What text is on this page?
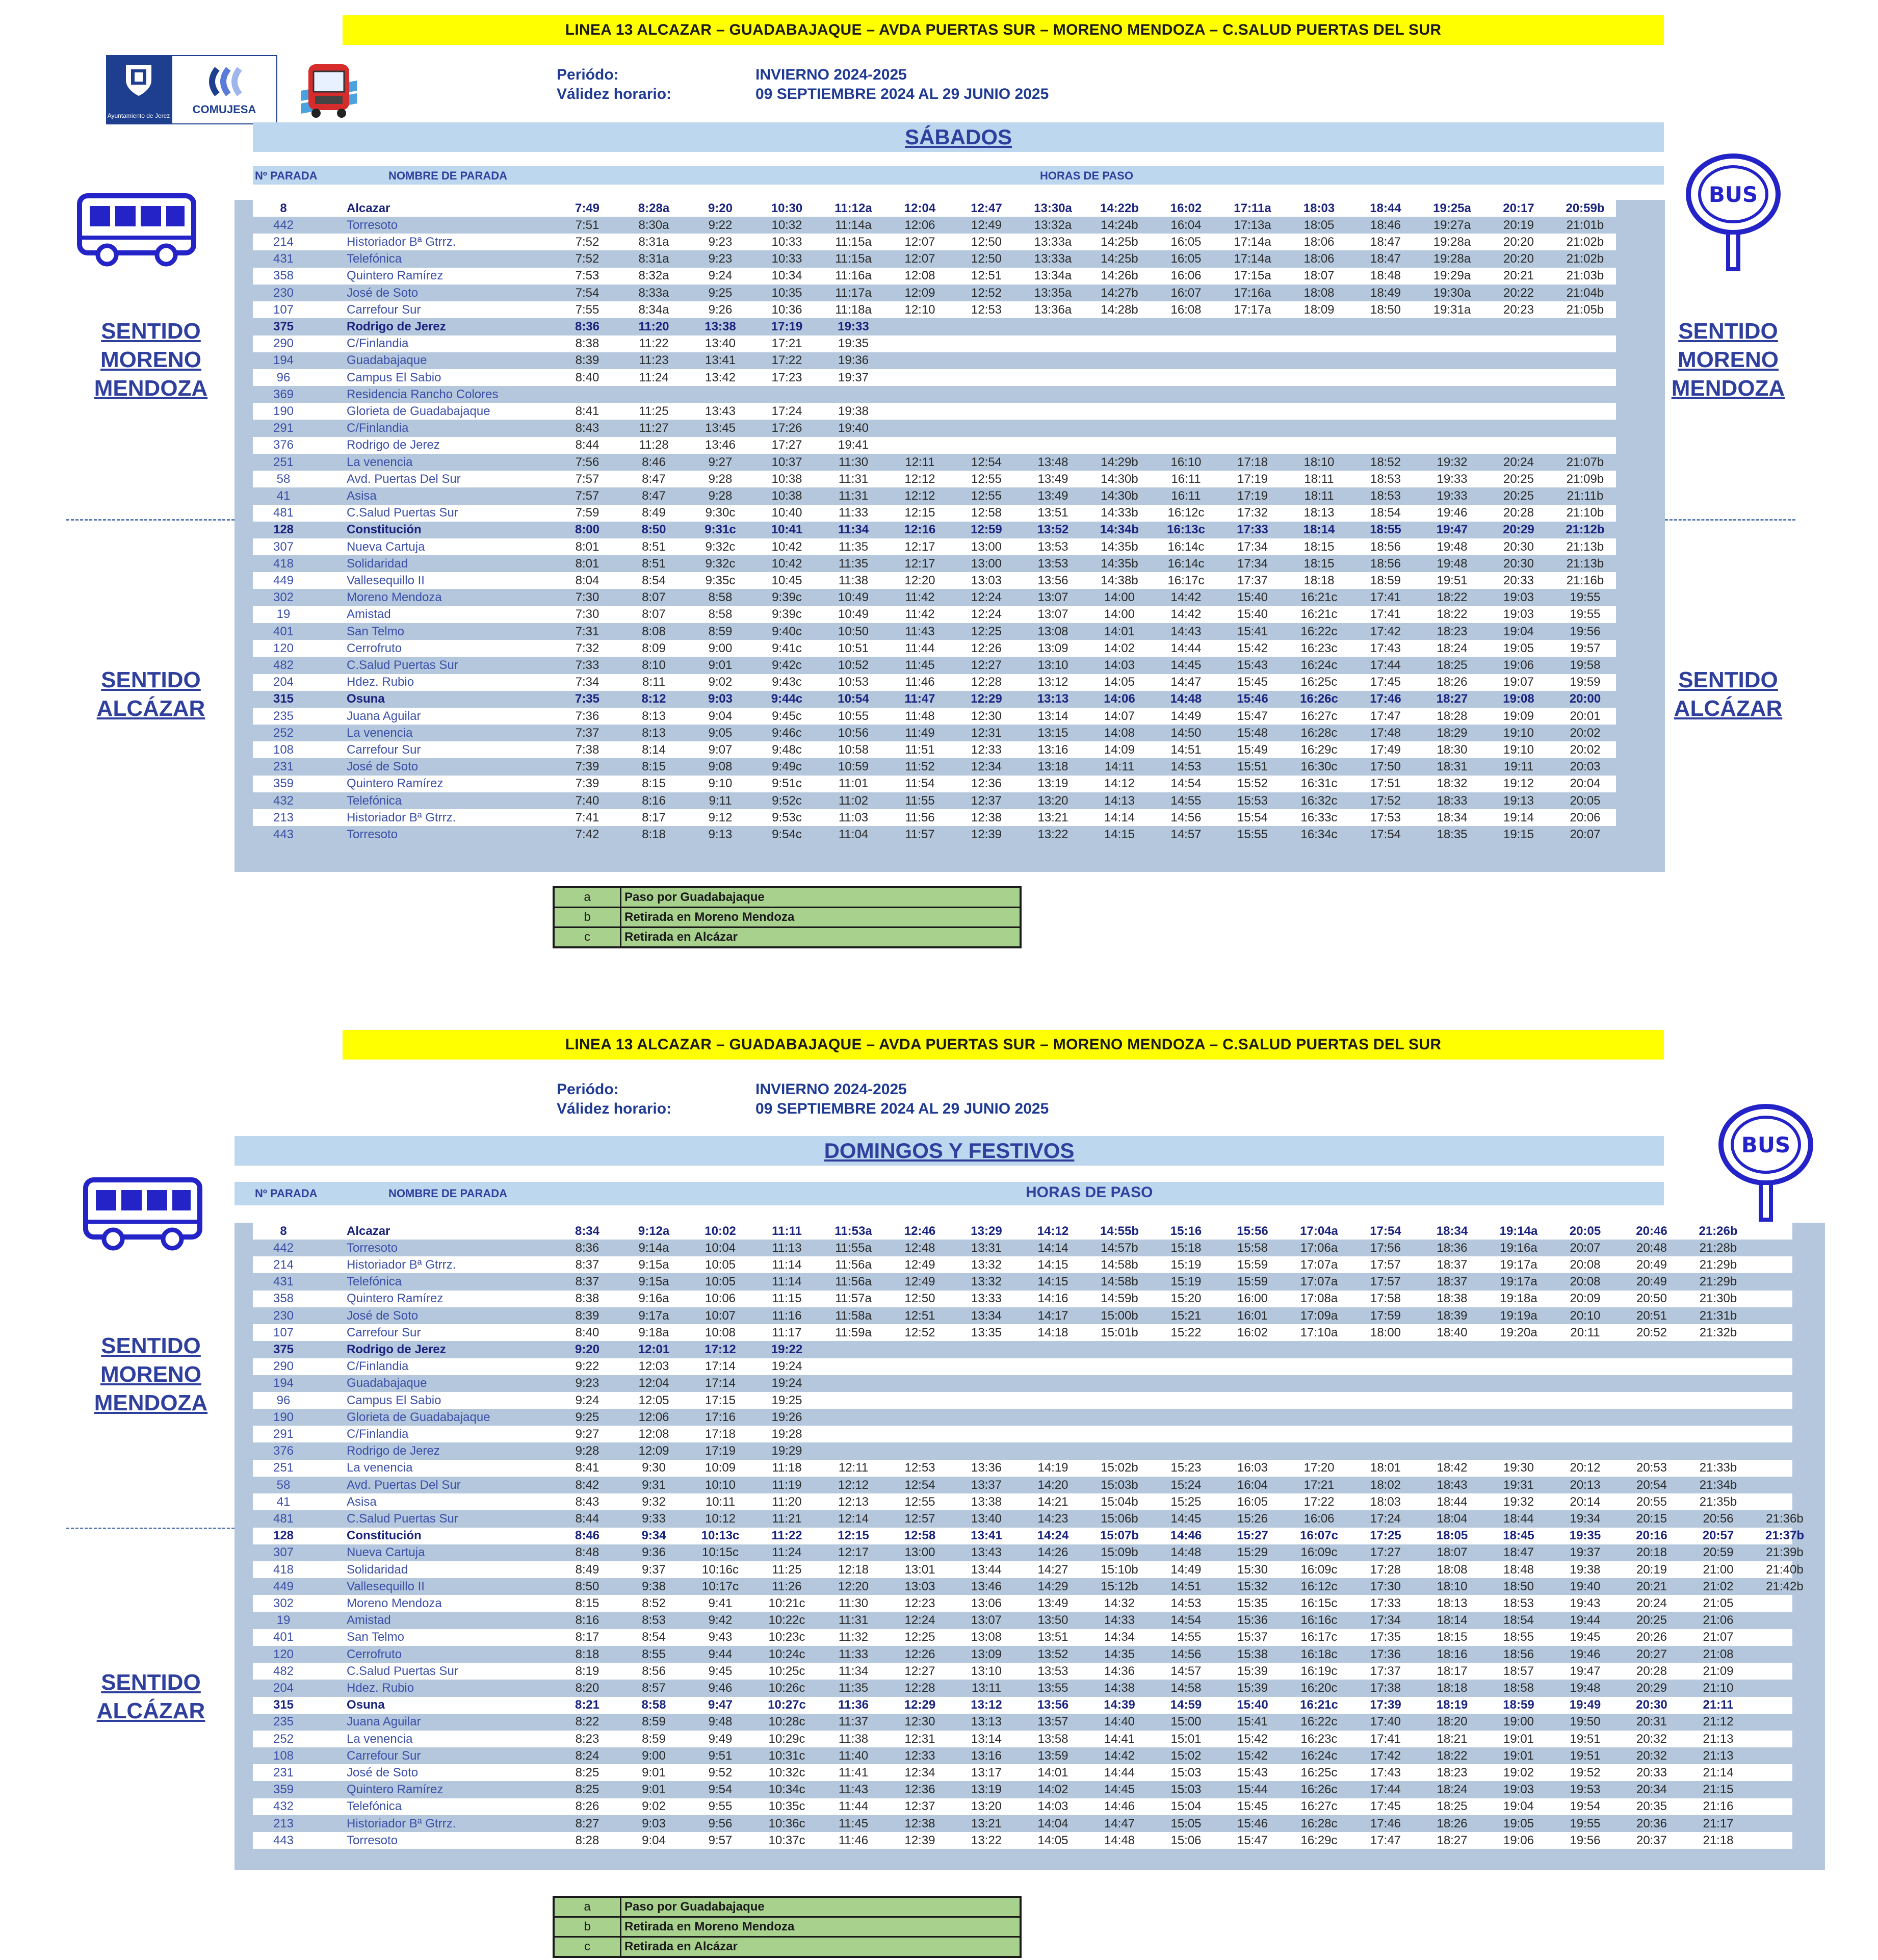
LINEA 13 ALCAZAR – GUADABAJAQUE – AVDA PUERTAS SUR – MORENO MENDOZA – C.SALUD PUERTAS DEL SUR
Ayuntamiento de Jerez	COMUJESA
Periódo:	INVIERNO 2024-2025
Válidez horario:	09 SEPTIEMBRE 2024 AL 29 JUNIO 2025
SÁBADOS
Nº PARADA	NOMBRE DE PARADA	HORAS DE PASO
8	Alcazar	7:49	8:28a	9:20	10:30	11:12a	12:04	12:47	13:30a	14:22b	16:02	17:11a	18:03	18:44	19:25a	20:17	20:59b
442	Torresoto	7:51	8:30a	9:22	10:32	11:14a	12:06	12:49	13:32a	14:24b	16:04	17:13a	18:05	18:46	19:27a	20:19	21:01b
214	Historiador Bª Gtrrz.	7:52	8:31a	9:23	10:33	11:15a	12:07	12:50	13:33a	14:25b	16:05	17:14a	18:06	18:47	19:28a	20:20	21:02b
431	Telefónica	7:52	8:31a	9:23	10:33	11:15a	12:07	12:50	13:33a	14:25b	16:05	17:14a	18:06	18:47	19:28a	20:20	21:02b
358	Quintero Ramírez	7:53	8:32a	9:24	10:34	11:16a	12:08	12:51	13:34a	14:26b	16:06	17:15a	18:07	18:48	19:29a	20:21	21:03b
230	José de Soto	7:54	8:33a	9:25	10:35	11:17a	12:09	12:52	13:35a	14:27b	16:07	17:16a	18:08	18:49	19:30a	20:22	21:04b
107	Carrefour Sur	7:55	8:34a	9:26	10:36	11:18a	12:10	12:53	13:36a	14:28b	16:08	17:17a	18:09	18:50	19:31a	20:23	21:05b
375	Rodrigo de Jerez	8:36	11:20	13:38	17:19	19:33
290	C/Finlandia	8:38	11:22	13:40	17:21	19:35
194	Guadabajaque	8:39	11:23	13:41	17:22	19:36
96	Campus El Sabio	8:40	11:24	13:42	17:23	19:37
369	Residencia Rancho Colores
190	Glorieta de Guadabajaque	8:41	11:25	13:43	17:24	19:38
291	C/Finlandia	8:43	11:27	13:45	17:26	19:40
376	Rodrigo de Jerez	8:44	11:28	13:46	17:27	19:41
251	La venencia	7:56	8:46	9:27	10:37	11:30	12:11	12:54	13:48	14:29b	16:10	17:18	18:10	18:52	19:32	20:24	21:07b
58	Avd. Puertas Del Sur	7:57	8:47	9:28	10:38	11:31	12:12	12:55	13:49	14:30b	16:11	17:19	18:11	18:53	19:33	20:25	21:09b
41	Asisa	7:57	8:47	9:28	10:38	11:31	12:12	12:55	13:49	14:30b	16:11	17:19	18:11	18:53	19:33	20:25	21:11b
481	C.Salud Puertas Sur	7:59	8:49	9:30c	10:40	11:33	12:15	12:58	13:51	14:33b	16:12c	17:32	18:13	18:54	19:46	20:28	21:10b
128	Constitución	8:00	8:50	9:31c	10:41	11:34	12:16	12:59	13:52	14:34b	16:13c	17:33	18:14	18:55	19:47	20:29	21:12b
307	Nueva Cartuja	8:01	8:51	9:32c	10:42	11:35	12:17	13:00	13:53	14:35b	16:14c	17:34	18:15	18:56	19:48	20:30	21:13b
418	Solidaridad	8:01	8:51	9:32c	10:42	11:35	12:17	13:00	13:53	14:35b	16:14c	17:34	18:15	18:56	19:48	20:30	21:13b
449	Vallesequillo II	8:04	8:54	9:35c	10:45	11:38	12:20	13:03	13:56	14:38b	16:17c	17:37	18:18	18:59	19:51	20:33	21:16b
302	Moreno Mendoza	7:30	8:07	8:58	9:39c	10:49	11:42	12:24	13:07	14:00	14:42	15:40	16:21c	17:41	18:22	19:03	19:55
19	Amistad	7:30	8:07	8:58	9:39c	10:49	11:42	12:24	13:07	14:00	14:42	15:40	16:21c	17:41	18:22	19:03	19:55
401	San Telmo	7:31	8:08	8:59	9:40c	10:50	11:43	12:25	13:08	14:01	14:43	15:41	16:22c	17:42	18:23	19:04	19:56
120	Cerrofruto	7:32	8:09	9:00	9:41c	10:51	11:44	12:26	13:09	14:02	14:44	15:42	16:23c	17:43	18:24	19:05	19:57
482	C.Salud Puertas Sur	7:33	8:10	9:01	9:42c	10:52	11:45	12:27	13:10	14:03	14:45	15:43	16:24c	17:44	18:25	19:06	19:58
204	Hdez. Rubio	7:34	8:11	9:02	9:43c	10:53	11:46	12:28	13:12	14:05	14:47	15:45	16:25c	17:45	18:26	19:07	19:59
315	Osuna	7:35	8:12	9:03	9:44c	10:54	11:47	12:29	13:13	14:06	14:48	15:46	16:26c	17:46	18:27	19:08	20:00
235	Juana Aguilar	7:36	8:13	9:04	9:45c	10:55	11:48	12:30	13:14	14:07	14:49	15:47	16:27c	17:47	18:28	19:09	20:01
252	La venencia	7:37	8:13	9:05	9:46c	10:56	11:49	12:31	13:15	14:08	14:50	15:48	16:28c	17:48	18:29	19:10	20:02
108	Carrefour Sur	7:38	8:14	9:07	9:48c	10:58	11:51	12:33	13:16	14:09	14:51	15:49	16:29c	17:49	18:30	19:10	20:02
231	José de Soto	7:39	8:15	9:08	9:49c	10:59	11:52	12:34	13:18	14:11	14:53	15:51	16:30c	17:50	18:31	19:11	20:03
359	Quintero Ramírez	7:39	8:15	9:10	9:51c	11:01	11:54	12:36	13:19	14:12	14:54	15:52	16:31c	17:51	18:32	19:12	20:04
432	Telefónica	7:40	8:16	9:11	9:52c	11:02	11:55	12:37	13:20	14:13	14:55	15:53	16:32c	17:52	18:33	19:13	20:05
213	Historiador Bª Gtrrz.	7:41	8:17	9:12	9:53c	11:03	11:56	12:38	13:21	14:14	14:56	15:54	16:33c	17:53	18:34	19:14	20:06
443	Torresoto	7:42	8:18	9:13	9:54c	11:04	11:57	12:39	13:22	14:15	14:57	15:55	16:34c	17:54	18:35	19:15	20:07
BUS
SENTIDO
MORENO
MENDOZA
SENTIDO
MORENO
MENDOZA
SENTIDO
ALCÁZAR
SENTIDO
ALCÁZAR
a	Paso por Guadabajaque
b	Retirada en Moreno Mendoza
c	Retirada en Alcázar
LINEA 13 ALCAZAR – GUADABAJAQUE – AVDA PUERTAS SUR – MORENO MENDOZA – C.SALUD PUERTAS DEL SUR
Periódo:	INVIERNO 2024-2025
Válidez horario:	09 SEPTIEMBRE 2024 AL 29 JUNIO 2025
DOMINGOS Y FESTIVOS
Nº PARADA	NOMBRE DE PARADA	HORAS DE PASO
8	Alcazar	8:34	9:12a	10:02	11:11	11:53a	12:46	13:29	14:12	14:55b	15:16	15:56	17:04a	17:54	18:34	19:14a	20:05	20:46	21:26b
442	Torresoto	8:36	9:14a	10:04	11:13	11:55a	12:48	13:31	14:14	14:57b	15:18	15:58	17:06a	17:56	18:36	19:16a	20:07	20:48	21:28b
214	Historiador Bª Gtrrz.	8:37	9:15a	10:05	11:14	11:56a	12:49	13:32	14:15	14:58b	15:19	15:59	17:07a	17:57	18:37	19:17a	20:08	20:49	21:29b
431	Telefónica	8:37	9:15a	10:05	11:14	11:56a	12:49	13:32	14:15	14:58b	15:19	15:59	17:07a	17:57	18:37	19:17a	20:08	20:49	21:29b
358	Quintero Ramírez	8:38	9:16a	10:06	11:15	11:57a	12:50	13:33	14:16	14:59b	15:20	16:00	17:08a	17:58	18:38	19:18a	20:09	20:50	21:30b
230	José de Soto	8:39	9:17a	10:07	11:16	11:58a	12:51	13:34	14:17	15:00b	15:21	16:01	17:09a	17:59	18:39	19:19a	20:10	20:51	21:31b
107	Carrefour Sur	8:40	9:18a	10:08	11:17	11:59a	12:52	13:35	14:18	15:01b	15:22	16:02	17:10a	18:00	18:40	19:20a	20:11	20:52	21:32b
375	Rodrigo de Jerez	9:20	12:01	17:12	19:22
290	C/Finlandia	9:22	12:03	17:14	19:24
194	Guadabajaque	9:23	12:04	17:14	19:24
96	Campus El Sabio	9:24	12:05	17:15	19:25
190	Glorieta de Guadabajaque	9:25	12:06	17:16	19:26
291	C/Finlandia	9:27	12:08	17:18	19:28
376	Rodrigo de Jerez	9:28	12:09	17:19	19:29
251	La venencia	8:41	9:30	10:09	11:18	12:11	12:53	13:36	14:19	15:02b	15:23	16:03	17:20	18:01	18:42	19:30	20:12	20:53	21:33b
58	Avd. Puertas Del Sur	8:42	9:31	10:10	11:19	12:12	12:54	13:37	14:20	15:03b	15:24	16:04	17:21	18:02	18:43	19:31	20:13	20:54	21:34b
41	Asisa	8:43	9:32	10:11	11:20	12:13	12:55	13:38	14:21	15:04b	15:25	16:05	17:22	18:03	18:44	19:32	20:14	20:55	21:35b
481	C.Salud Puertas Sur	8:44	9:33	10:12	11:21	12:14	12:57	13:40	14:23	15:06b	14:45	15:26	16:06	17:24	18:04	18:44	19:34	20:15	20:56	21:36b
128	Constitución	8:46	9:34	10:13c	11:22	12:15	12:58	13:41	14:24	15:07b	14:46	15:27	16:07c	17:25	18:05	18:45	19:35	20:16	20:57	21:37b
307	Nueva Cartuja	8:48	9:36	10:15c	11:24	12:17	13:00	13:43	14:26	15:09b	14:48	15:29	16:09c	17:27	18:07	18:47	19:37	20:18	20:59	21:39b
418	Solidaridad	8:49	9:37	10:16c	11:25	12:18	13:01	13:44	14:27	15:10b	14:49	15:30	16:09c	17:28	18:08	18:48	19:38	20:19	21:00	21:40b
449	Vallesequillo II	8:50	9:38	10:17c	11:26	12:20	13:03	13:46	14:29	15:12b	14:51	15:32	16:12c	17:30	18:10	18:50	19:40	20:21	21:02	21:42b
302	Moreno Mendoza	8:15	8:52	9:41	10:21c	11:30	12:23	13:06	13:49	14:32	14:53	15:35	16:15c	17:33	18:13	18:53	19:43	20:24	21:05
19	Amistad	8:16	8:53	9:42	10:22c	11:31	12:24	13:07	13:50	14:33	14:54	15:36	16:16c	17:34	18:14	18:54	19:44	20:25	21:06
401	San Telmo	8:17	8:54	9:43	10:23c	11:32	12:25	13:08	13:51	14:34	14:55	15:37	16:17c	17:35	18:15	18:55	19:45	20:26	21:07
120	Cerrofruto	8:18	8:55	9:44	10:24c	11:33	12:26	13:09	13:52	14:35	14:56	15:38	16:18c	17:36	18:16	18:56	19:46	20:27	21:08
482	C.Salud Puertas Sur	8:19	8:56	9:45	10:25c	11:34	12:27	13:10	13:53	14:36	14:57	15:39	16:19c	17:37	18:17	18:57	19:47	20:28	21:09
204	Hdez. Rubio	8:20	8:57	9:46	10:26c	11:35	12:28	13:11	13:55	14:38	14:58	15:39	16:20c	17:38	18:18	18:58	19:48	20:29	21:10
315	Osuna	8:21	8:58	9:47	10:27c	11:36	12:29	13:12	13:56	14:39	14:59	15:40	16:21c	17:39	18:19	18:59	19:49	20:30	21:11
235	Juana Aguilar	8:22	8:59	9:48	10:28c	11:37	12:30	13:13	13:57	14:40	15:00	15:41	16:22c	17:40	18:20	19:00	19:50	20:31	21:12
252	La venencia	8:23	8:59	9:49	10:29c	11:38	12:31	13:14	13:58	14:41	15:01	15:42	16:23c	17:41	18:21	19:01	19:51	20:32	21:13
108	Carrefour Sur	8:24	9:00	9:51	10:31c	11:40	12:33	13:16	13:59	14:42	15:02	15:42	16:24c	17:42	18:22	19:01	19:51	20:32	21:13
231	José de Soto	8:25	9:01	9:52	10:32c	11:41	12:34	13:17	14:01	14:44	15:03	15:43	16:25c	17:43	18:23	19:02	19:52	20:33	21:14
359	Quintero Ramírez	8:25	9:01	9:54	10:34c	11:43	12:36	13:19	14:02	14:45	15:03	15:44	16:26c	17:44	18:24	19:03	19:53	20:34	21:15
432	Telefónica	8:26	9:02	9:55	10:35c	11:44	12:37	13:20	14:03	14:46	15:04	15:45	16:27c	17:45	18:25	19:04	19:54	20:35	21:16
213	Historiador Bª Gtrrz.	8:27	9:03	9:56	10:36c	11:45	12:38	13:21	14:04	14:47	15:05	15:46	16:28c	17:46	18:26	19:05	19:55	20:36	21:17
443	Torresoto	8:28	9:04	9:57	10:37c	11:46	12:39	13:22	14:05	14:48	15:06	15:47	16:29c	17:47	18:27	19:06	19:56	20:37	21:18
BUS
SENTIDO
MORENO
MENDOZA
SENTIDO
ALCÁZAR
a	Paso por Guadabajaque
b	Retirada en Moreno Mendoza
c	Retirada en Alcázar
